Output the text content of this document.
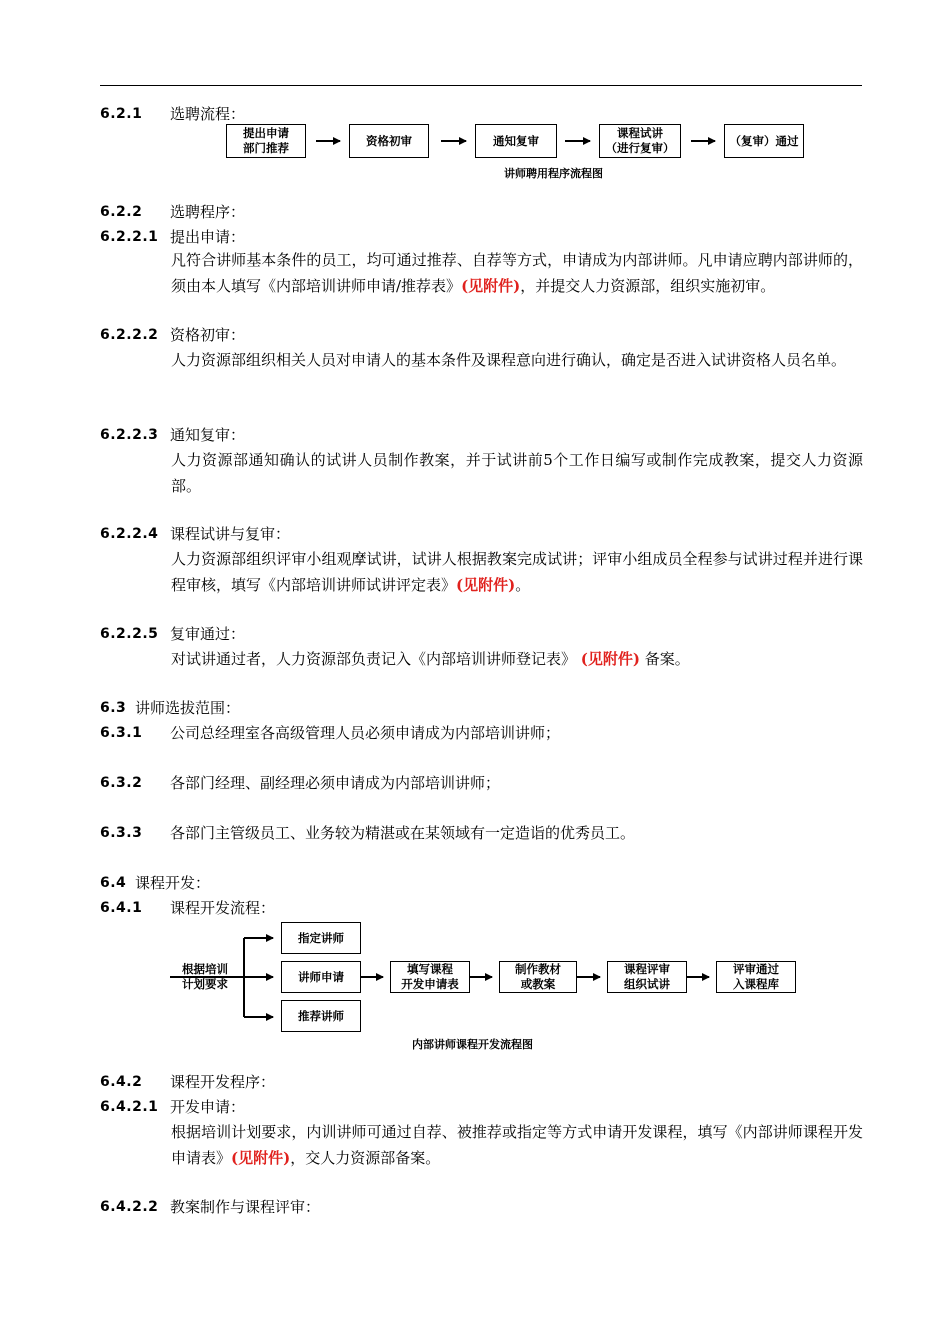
6.2.1 选聘流程：
提出申请
部门推荐
资格初审	通知复审
课程试讲
（进行复审）
（复审）通过
讲师聘用程序流程图
6.2.2 选聘程序：
6.2.2.1 提出申请：
凡符合讲师基本条件的员工，均可通过推荐、自荐等方式，申请成为内部讲师。凡申请应聘内部讲师的，须由本人填写《内部培训讲师申请/推荐表》(见附件)，并提交人力资源部，组织实施初审。
6.2.2.2 资格初审：
人力资源部组织相关人员对申请人的基本条件及课程意向进行确认，确定是否进入试讲资格人员名单。
6.2.2.3 通知复审：
人力资源部通知确认的试讲人员制作教案，并于试讲前5个工作日编写或制作完成教案，提交人力资源部。
6.2.2.4 课程试讲与复审：
人力资源部组织评审小组观摩试讲，试讲人根据教案完成试讲；评审小组成员全程参与试讲过程并进行课程审核，填写《内部培训讲师试讲评定表》(见附件)。
6.2.2.5 复审通过：
对试讲通过者，人力资源部负责记入《内部培训讲师登记表》 (见附件) 备案。
6.3 讲师选拔范围：
6.3.1 公司总经理室各高级管理人员必须申请成为内部培训讲师；
6.3.2 各部门经理、副经理必须申请成为内部培训讲师；
6.3.3 各部门主管级员工、业务较为精湛或在某领域有一定造诣的优秀员工。
6.4 课程开发：
6.4.1 课程开发流程：
根据培训
计划要求
指定讲师
讲师申请
推荐讲师
填写课程
开发申请表
制作教材
或教案
课程评审
组织试讲
评审通过
入课程库
内部讲师课程开发流程图
6.4.2 课程开发程序：
6.4.2.1 开发申请：
根据培训计划要求，内训讲师可通过自荐、被推荐或指定等方式申请开发课程，填写《内部讲师课程开发申请表》(见附件)，交人力资源部备案。
6.4.2.2 教案制作与课程评审：
